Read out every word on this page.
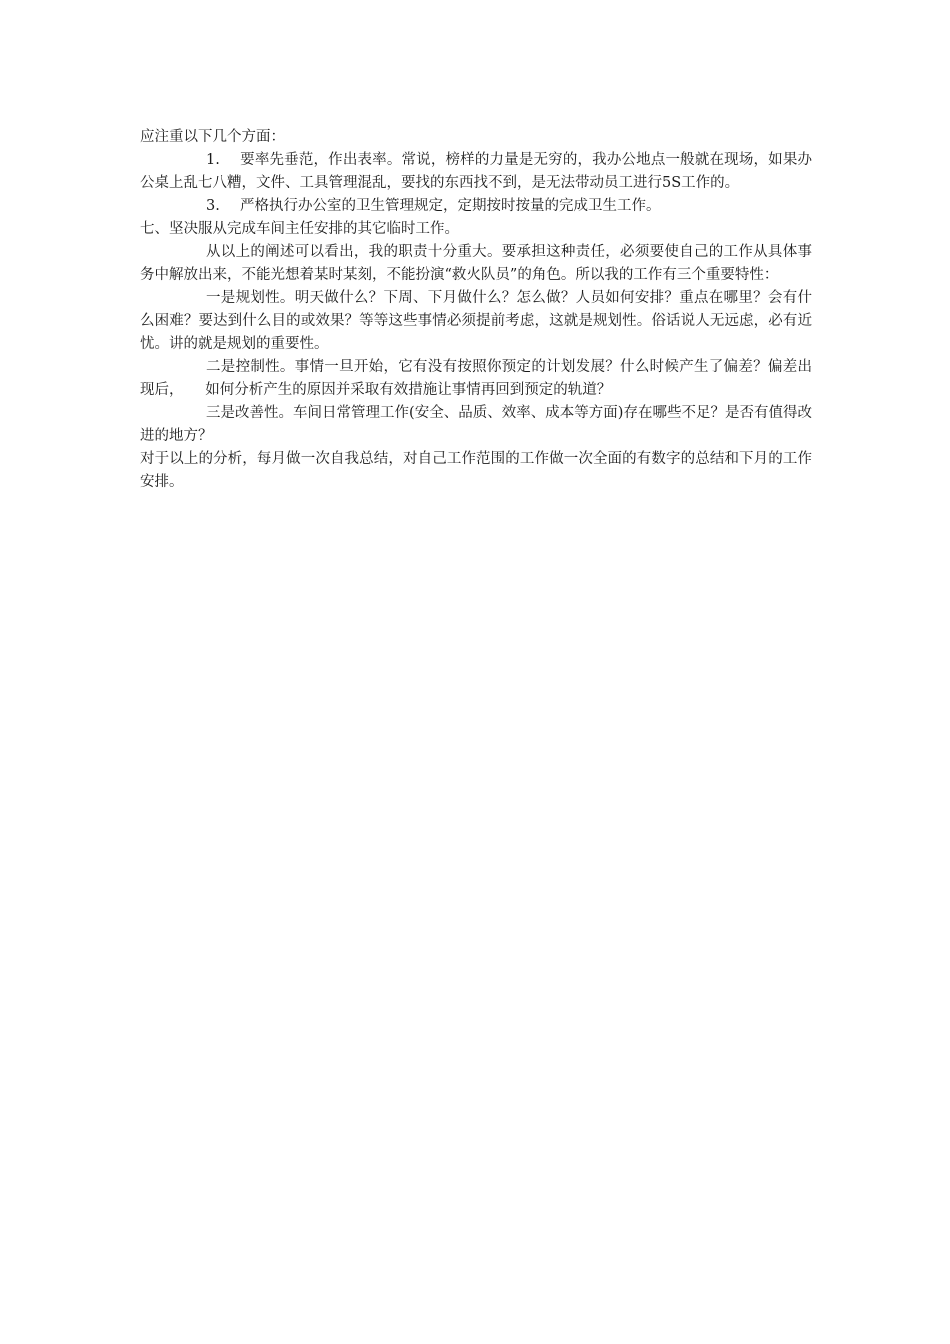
应注重以下几个方面：

1. 要率先垂范，作出表率。常说，榜样的力量是无穷的，我办公地点一般就在现场，如果办公桌上乱七八糟，文件、工具管理混乱，要找的东西找不到，是无法带动员工进行5S工作的。

3. 严格执行办公室的卫生管理规定，定期按时按量的完成卫生工作。

七、坚决服从完成车间主任安排的其它临时工作。

从以上的阐述可以看出，我的职责十分重大。要承担这种责任，必须要使自己的工作从具体事务中解放出来，不能光想着某时某刻，不能扮演“救火队员”的角色。所以我的工作有三个重要特性：

一是规划性。明天做什么？下周、下月做什么？怎么做？人员如何安排？重点在哪里？会有什么困难？要达到什么目的或效果？等等这些事情必须提前考虑，这就是规划性。俗话说人无远虑，必有近忧。讲的就是规划的重要性。

二是控制性。事情一旦开始，它有没有按照你预定的计划发展？什么时候产生了偏差？偏差出现后，　　如何分析产生的原因并采取有效措施让事情再回到预定的轨道？

三是改善性。车间日常管理工作(安全、品质、效率、成本等方面)存在哪些不足？是否有值得改进的地方？

对于以上的分析，每月做一次自我总结，对自己工作范围的工作做一次全面的有数字的总结和下月的工作安排。
